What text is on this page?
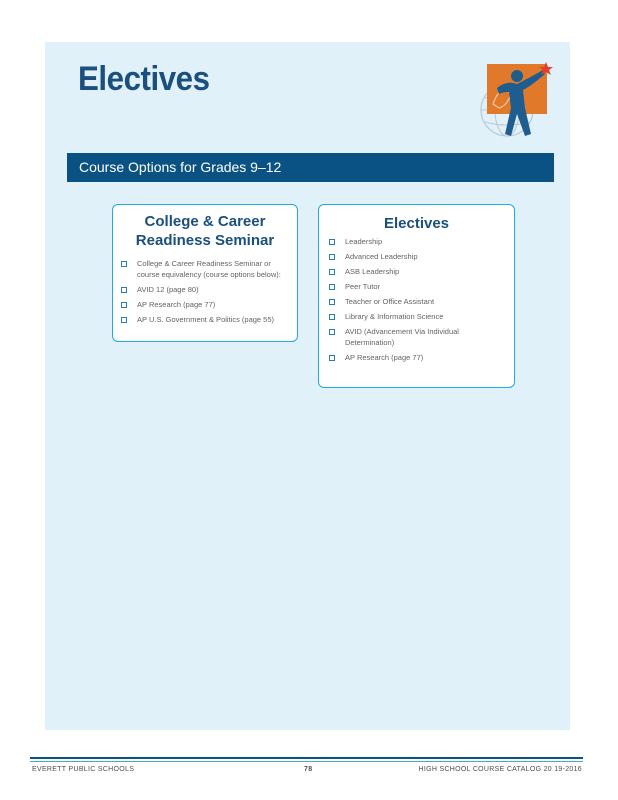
Electives
Course Options for Grades 9–12
College & Career
Readiness Seminar
College & Career Readiness Seminar or course equivalency (course options below):
AVID 12 (page 80)
AP Research (page 77)
AP U.S. Government & Politics (page 55)
Electives
Leadership
Advanced Leadership
ASB Leadership
Peer Tutor
Teacher or Office Assistant
Library & Information Science
AVID (Advancement Via Individual Determination)
AP Research (page 77)
EVERETT PUBLIC SCHOOLS	78	HIGH SCHOOL COURSE CATALOG 20 19-2016
